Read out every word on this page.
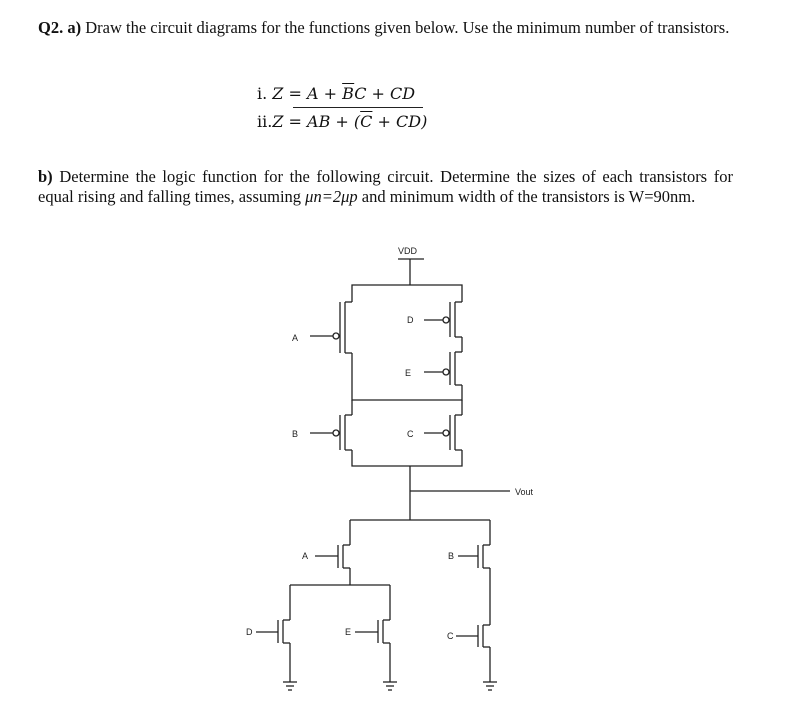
Q2. a) Draw the circuit diagrams for the functions given below. Use the minimum number of transistors.
i. $Z = A + \overline{B}C$ + CD
ii.Z = AB + $(\overline{C} + CD)$
b) Determine the logic function for the following circuit. Determine the sizes of each transistors for equal rising and falling times, assuming μn=2μp and minimum width of the transistors is W=90nm.
VDD
A
D
E
B	C
Vout
A	B
D	E	C
